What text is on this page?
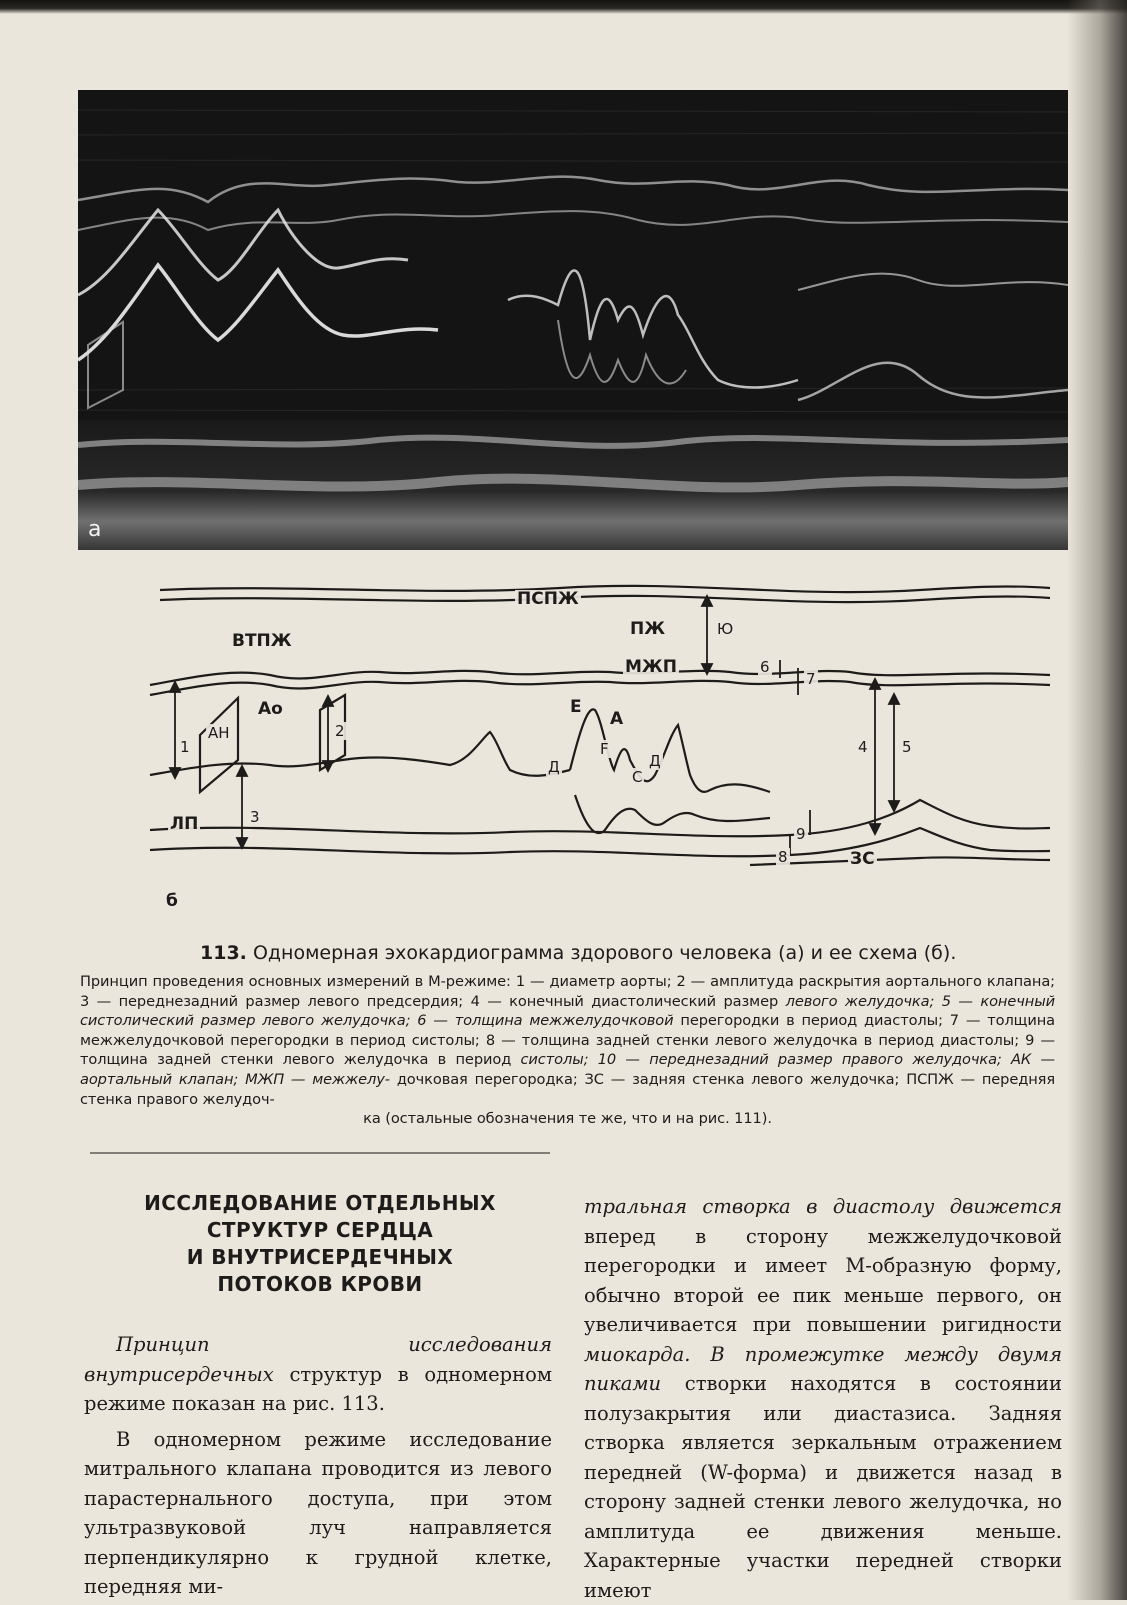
а
ПСПЖ
ВТПЖ
Ао
АН
ЛП
1
2
3
ПЖ
МЖП
Ю
6
7
4 5
9
8	ЗС
Е
А
F
С
Д	Д
б
113. Одномерная эхокардиограмма здорового человека (а) и ее схема (б).

Принцип проведения основных измерений в М-режиме: 1 — диаметр аорты; 2 — амплитуда раскрытия аортального клапана; 3 — переднезадний размер левого предсердия; 4 — конечный диастолический размер левого желудочка; 5 — конечный систолический размер левого желудочка; 6 — толщина межжелудочковой перегородки в период диастолы; 7 — толщина межжелудочковой перегородки в период систолы; 8 — толщина задней стенки левого желудочка в период диастолы; 9 — толщина задней стенки левого желудочка в период систолы; 10 — переднезадний размер правого желудочка; АК — аортальный клапан; МЖП — межжелу- дочковая перегородка; ЗС — задняя стенка левого желудочка; ПСПЖ — передняя стенка правого желудоч-

ка (остальные обозначения те же, что и на рис. 111).

ИССЛЕДОВАНИЕ ОТДЕЛЬНЫХ
СТРУКТУР СЕРДЦА
И ВНУТРИСЕРДЕЧНЫХ
ПОТОКОВ КРОВИ

Принцип исследования внутрисердечных структур в одномерном режиме показан на рис. 113.

В одномерном режиме исследование митрального клапана проводится из левого парастернального доступа, при этом ультразвуковой луч направляется перпендикулярно к грудной клетке, передняя ми-

тральная створка в диастолу движется вперед в сторону межжелудочковой перегородки и имеет М-образную форму, обычно второй ее пик меньше первого, он увеличивается при повышении ригидности миокарда. В промежутке между двумя пиками створки находятся в состоянии полузакрытия или диастазиса. Задняя створка является зеркальным отражением передней (W-форма) и движется назад в сторону задней стенки левого желудочка, но амплитуда ее движения меньше. Характерные участки передней створки имеют
